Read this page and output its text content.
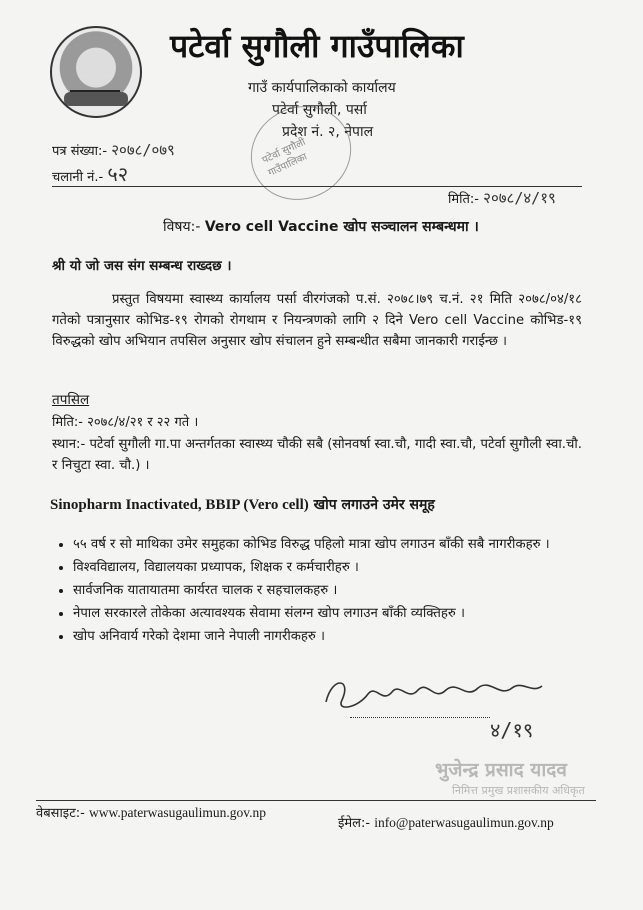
पटेर्वा सुगौली गाउँपालिका
गाउँ कार्यपालिकाको कार्यालय
पटेर्वा सुगौली, पर्सा
प्रदेश नं. २, नेपाल
पटेर्वा सुगौली गाउँपालिका
पत्र संख्या:- २०७८/०७९
चलानी नं.- ५२
मिति:- २०७८/४/१९
विषय:- Vero cell Vaccine खोप सञ्चालन सम्बन्धमा ।
श्री यो जो जस संग सम्बन्ध राख्दछ ।
प्रस्तुत विषयमा स्वास्थ्य कार्यालय पर्सा वीरगंजको प.सं. २०७८।७९ च.नं. २१ मिति २०७८/०४/१८ गतेको पत्रानुसार कोभिड-१९ रोगको रोगथाम र नियन्त्रणको लागि २ दिने Vero cell Vaccine कोभिड-१९ विरुद्धको खोप अभियान तपसिल अनुसार खोप संचालन हुने सम्बन्धीत सबैमा जानकारी गराईन्छ ।
तपसिल
मिति:- २०७८/४/२१ र २२ गते ।
स्थान:- पटेर्वा सुगौली गा.पा अन्तर्गतका स्वास्थ्य चौकी सबै (सोनवर्षा स्वा.चौ, गादी स्वा.चौ, पटेर्वा सुगौली स्वा.चौ. र निचुटा स्वा. चौ.) ।
Sinopharm Inactivated, BBIP (Vero cell) खोप लगाउने उमेर समूह
• ५५ वर्ष र सो माथिका उमेर समुहका कोभिड विरुद्ध पहिलो मात्रा खोप लगाउन बाँकी सबै नागरीकहरु ।
• विश्वविद्यालय, विद्यालयका प्रध्यापक, शिक्षक र कर्मचारीहरु ।
• सार्वजनिक यातायातमा कार्यरत चालक र सहचालकहरु ।
• नेपाल सरकारले तोकेका अत्यावश्यक सेवामा संलग्न खोप लगाउन बाँकी व्यक्तिहरु ।
• खोप अनिवार्य गरेको देशमा जाने नेपाली नागरीकहरु ।
४/१९
भुजेन्द्र प्रसाद यादव
निमित्त प्रमुख प्रशासकीय अधिकृत
वेबसाइट:- www.paterwasugaulimun.gov.np
ईमेल:- info@paterwasugaulimun.gov.np
